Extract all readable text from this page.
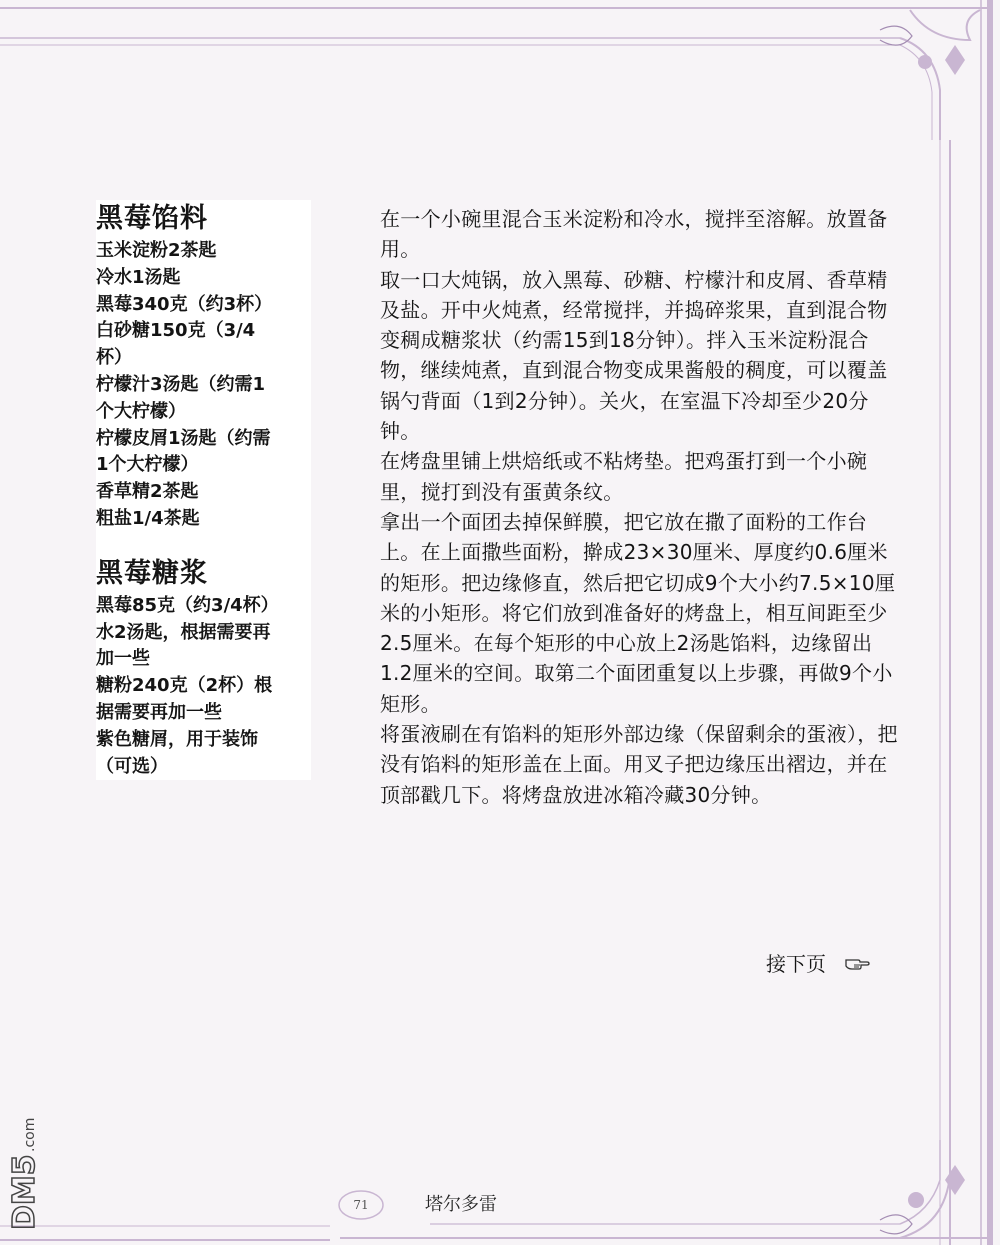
黑莓馅料
玉米淀粉2茶匙
冷水1汤匙
黑莓340克（约3杯）
白砂糖150克（3/4
杯）
柠檬汁3汤匙（约需1
个大柠檬）
柠檬皮屑1汤匙（约需
1个大柠檬）
香草精2茶匙
粗盐1/4茶匙
黑莓糖浆
黑莓85克（约3/4杯）
水2汤匙，根据需要再
加一些
糖粉240克（2杯）根
据需要再加一些
紫色糖屑，用于装饰
（可选）

在一个小碗里混合玉米淀粉和冷水，搅拌至溶解。放置备用。

取一口大炖锅，放入黑莓、砂糖、柠檬汁和皮屑、香草精及盐。开中火炖煮，经常搅拌，并捣碎浆果，直到混合物变稠成糖浆状（约需15到18分钟）。拌入玉米淀粉混合物，继续炖煮，直到混合物变成果酱般的稠度，可以覆盖锅勺背面（1到2分钟）。关火，在室温下冷却至少20分钟。

在烤盘里铺上烘焙纸或不粘烤垫。把鸡蛋打到一个小碗里，搅打到没有蛋黄条纹。

拿出一个面团去掉保鲜膜，把它放在撒了面粉的工作台上。在上面撒些面粉，擀成23×30厘米、厚度约0.6厘米的矩形。把边缘修直，然后把它切成9个大小约7.5×10厘米的小矩形。将它们放到准备好的烤盘上，相互间距至少2.5厘米。在每个矩形的中心放上2汤匙馅料，边缘留出1.2厘米的空间。取第二个面团重复以上步骤，再做9个小矩形。

将蛋液刷在有馅料的矩形外部边缘（保留剩余的蛋液），把没有馅料的矩形盖在上面。用叉子把边缘压出褶边，并在顶部戳几下。将烤盘放进冰箱冷藏30分钟。

接下页
71	塔尔多雷
DM5
.com
